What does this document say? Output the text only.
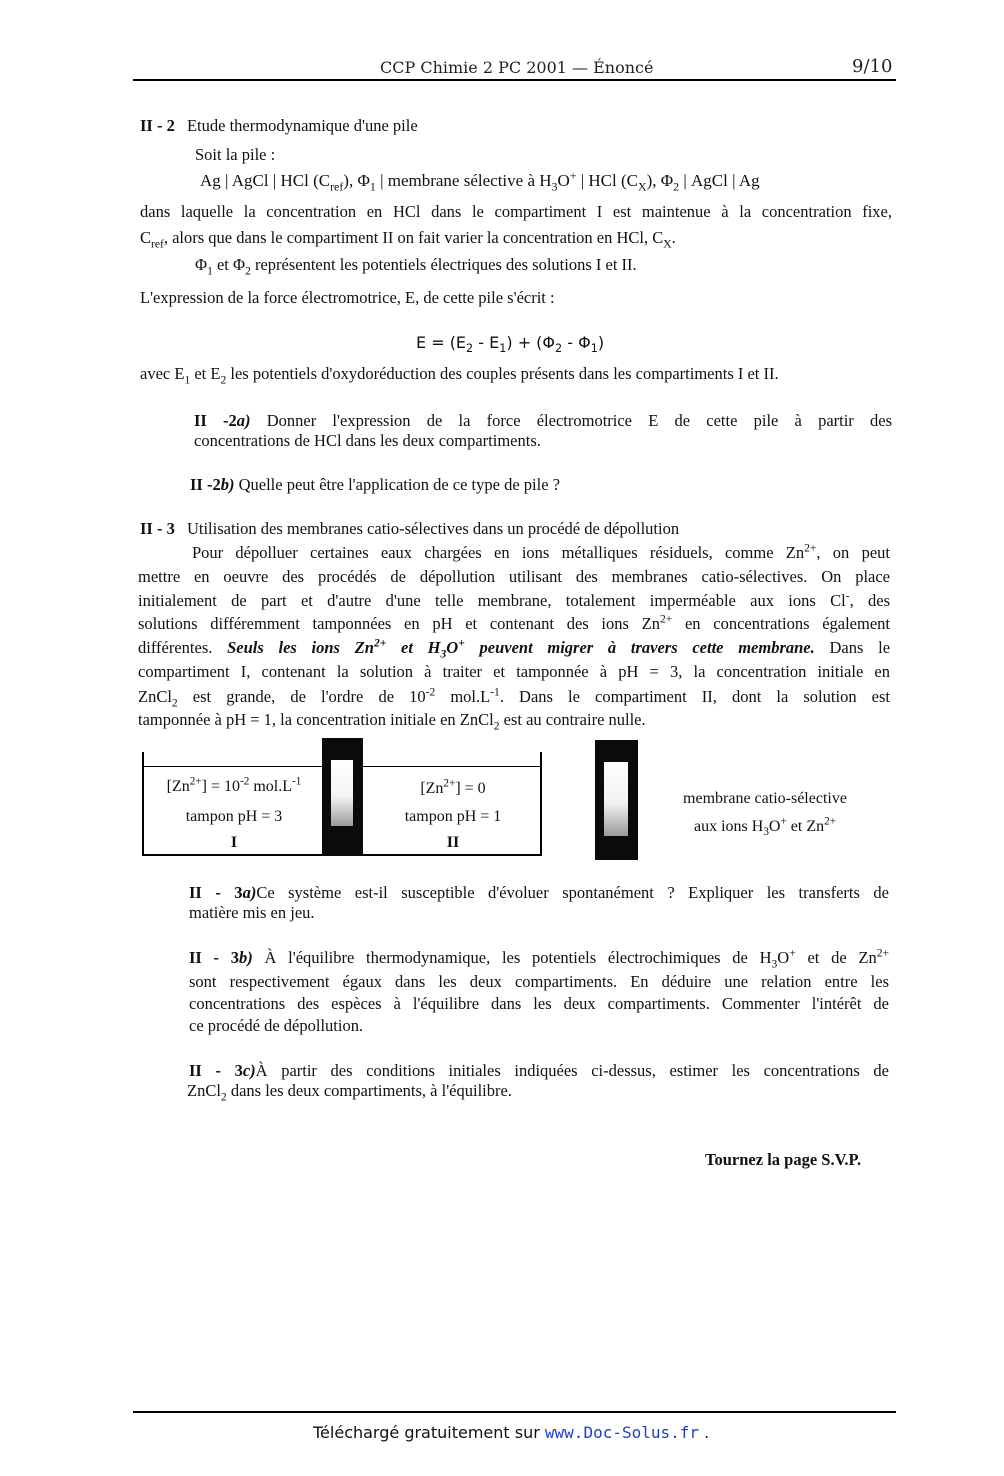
CCP Chimie 2 PC 2001 — Énoncé	9/10
II - 2 Etude thermodynamique d'une pile
Soit la pile :
Ag | AgCl | HCl $(C_{ref})$, $\Phi_1$ | membrane sélective à $H_3O^+$ | HCl $(C_X)$, $\Phi_2$ | AgCl | Ag
dans laquelle la concentration en HCl dans le compartiment I est maintenue à la concentration fixe,
$C_{ref}$, alors que dans le compartiment II on fait varier la concentration en HCl, $C_X$.
$\Phi_1$ et $\Phi_2$ représentent les potentiels électriques des solutions I et II.
L'expression de la force électromotrice, E, de cette pile s'écrit :
$E = (E_2 - E_1) + (\Phi_2 - \Phi_1)$
avec $E_1$ et $E_2$ les potentiels d'oxydoréduction des couples présents dans les compartiments I et II.
II -2a) Donner l'expression de la force électromotrice E de cette pile à partir des
concentrations de HCl dans les deux compartiments.
II -2b) Quelle peut être l'application de ce type de pile ?
II - 3 Utilisation des membranes catio-sélectives dans un procédé de dépollution
Pour dépolluer certaines eaux chargées en ions métalliques résiduels, comme $Zn^{2+}$, on peut
mettre en oeuvre des procédés de dépollution utilisant des membranes catio-sélectives. On place
initialement de part et d'autre d'une telle membrane, totalement imperméable aux ions Cl-, des
solutions différemment tamponnées en pH et contenant des ions $Zn^{2+}$ en concentrations également
différentes. Seuls les ions $Zn^{2+}$ et $H_3O^+$ peuvent migrer à travers cette membrane. Dans le
compartiment I, contenant la solution à traiter et tamponnée à pH = 3, la concentration initiale en
ZnCl$_2$ est grande, de l'ordre de $10^{-2}$ $mol.L^{-1}$. Dans le compartiment II, dont la solution est
tamponnée à pH = 1, la concentration initiale en ZnCl$_2$ est au contraire nulle.
$[Zn^{2+}] = 10^{-2}$ $mol.L^{-1}$
tampon pH = 3
I
$[Zn^{2+}] = 0$
tampon pH = 1
II
membrane catio-sélective
aux ions $H_3O^+$ et $Zn^{2+}$
II - 3a)Ce système est-il susceptible d'évoluer spontanément ? Expliquer les transferts de
matière mis en jeu.
II - 3b) À l'équilibre thermodynamique, les potentiels électrochimiques de $H_3O^+$ et de $Zn^{2+}$
sont respectivement égaux dans les deux compartiments. En déduire une relation entre les
concentrations des espèces à l'équilibre dans les deux compartiments. Commenter l'intérêt de
ce procédé de dépollution.
II - 3c)À partir des conditions initiales indiquées ci-dessus, estimer les concentrations de
ZnCl$_2$ dans les deux compartiments, à l'équilibre.
Tournez la page S.V.P.
Téléchargé gratuitement sur www.Doc-Solus.fr .
